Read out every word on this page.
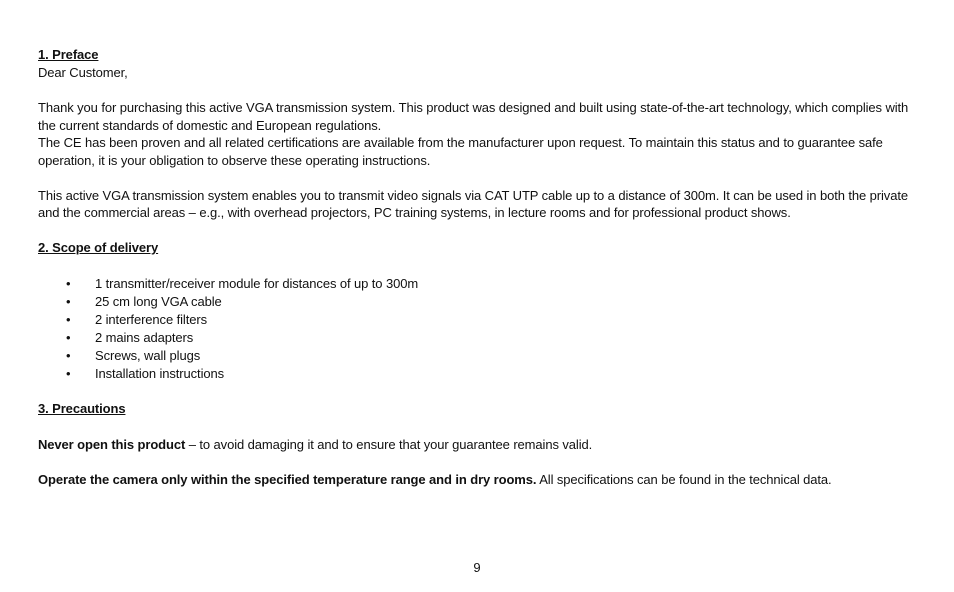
1. Preface
Dear Customer,
Thank you for purchasing this active VGA transmission system. This product was designed and built using state-of-the-art technology, which complies with the current standards of domestic and European regulations.
The CE has been proven and all related certifications are available from the manufacturer upon request. To maintain this status and to guarantee safe operation, it is your obligation to observe these operating instructions.
This active VGA transmission system enables you to transmit video signals via CAT UTP cable up to a distance of 300m. It can be used in both the private and the commercial areas – e.g., with overhead projectors, PC training systems, in lecture rooms and for professional product shows.
2. Scope of delivery
• 1 transmitter/receiver module for distances of up to 300m
• 25 cm long VGA cable
• 2 interference filters
• 2 mains adapters
• Screws, wall plugs
• Installation instructions
3. Precautions
Never open this product – to avoid damaging it and to ensure that your guarantee remains valid.
Operate the camera only within the specified temperature range and in dry rooms. All specifications can be found in the technical data.
9
